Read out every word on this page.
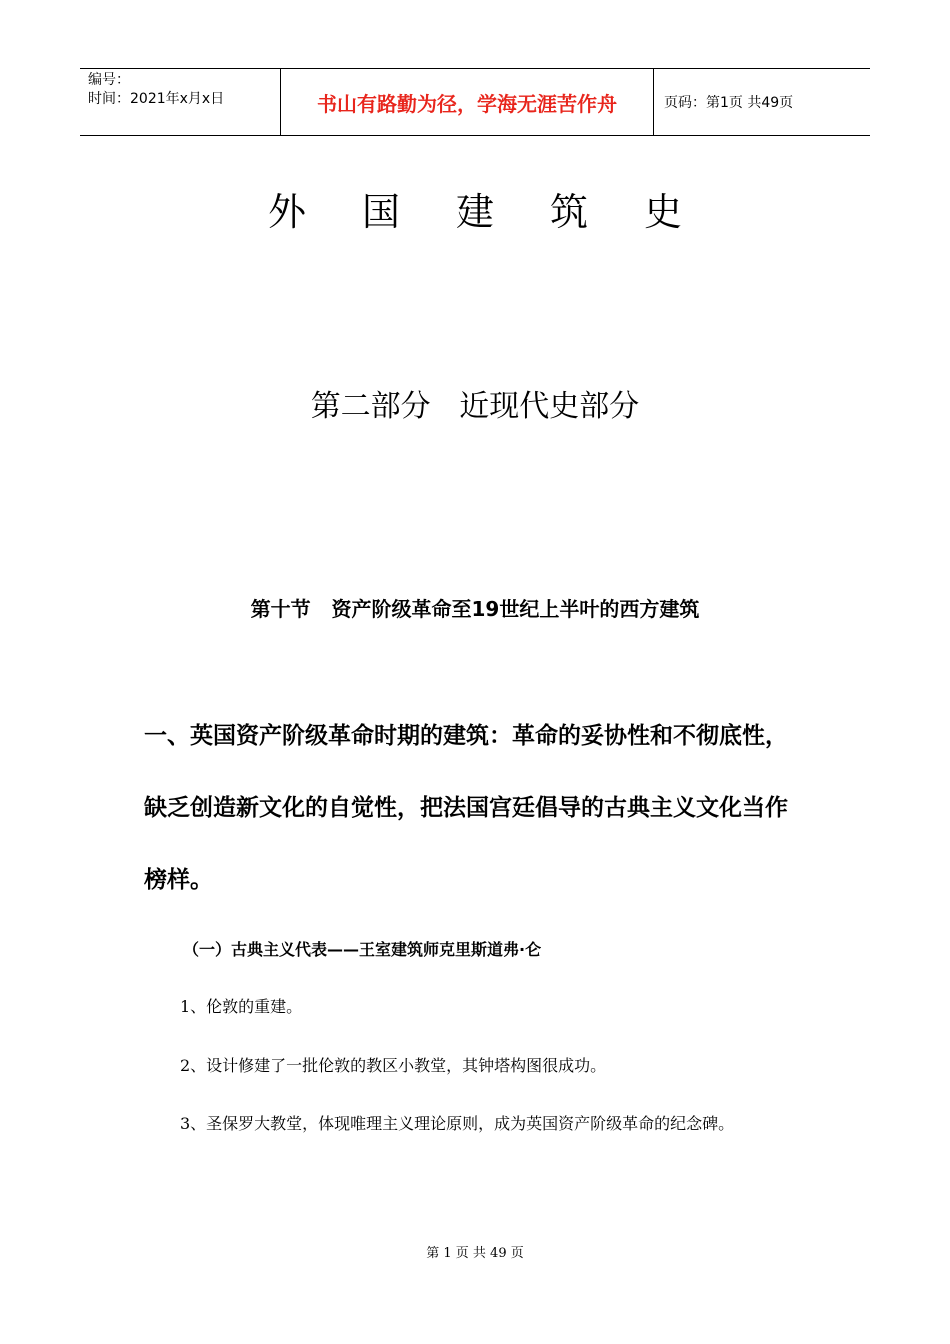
编号：
时间：2021年x月x日	书山有路勤为径，学海无涯苦作舟	页码：第1页 共49页
外国建筑史
第二部分   近现代史部分
第十节   资产阶级革命至19世纪上半叶的西方建筑
一、英国资产阶级革命时期的建筑：革命的妥协性和不彻底性，缺乏创造新文化的自觉性，把法国宫廷倡导的古典主义文化当作榜样。
（一）古典主义代表——王室建筑师克里斯道弗·仑
1、伦敦的重建。
2、设计修建了一批伦敦的教区小教堂，其钟塔构图很成功。
3、圣保罗大教堂，体现唯理主义理论原则，成为英国资产阶级革命的纪念碑。
第 1 页 共 49 页
